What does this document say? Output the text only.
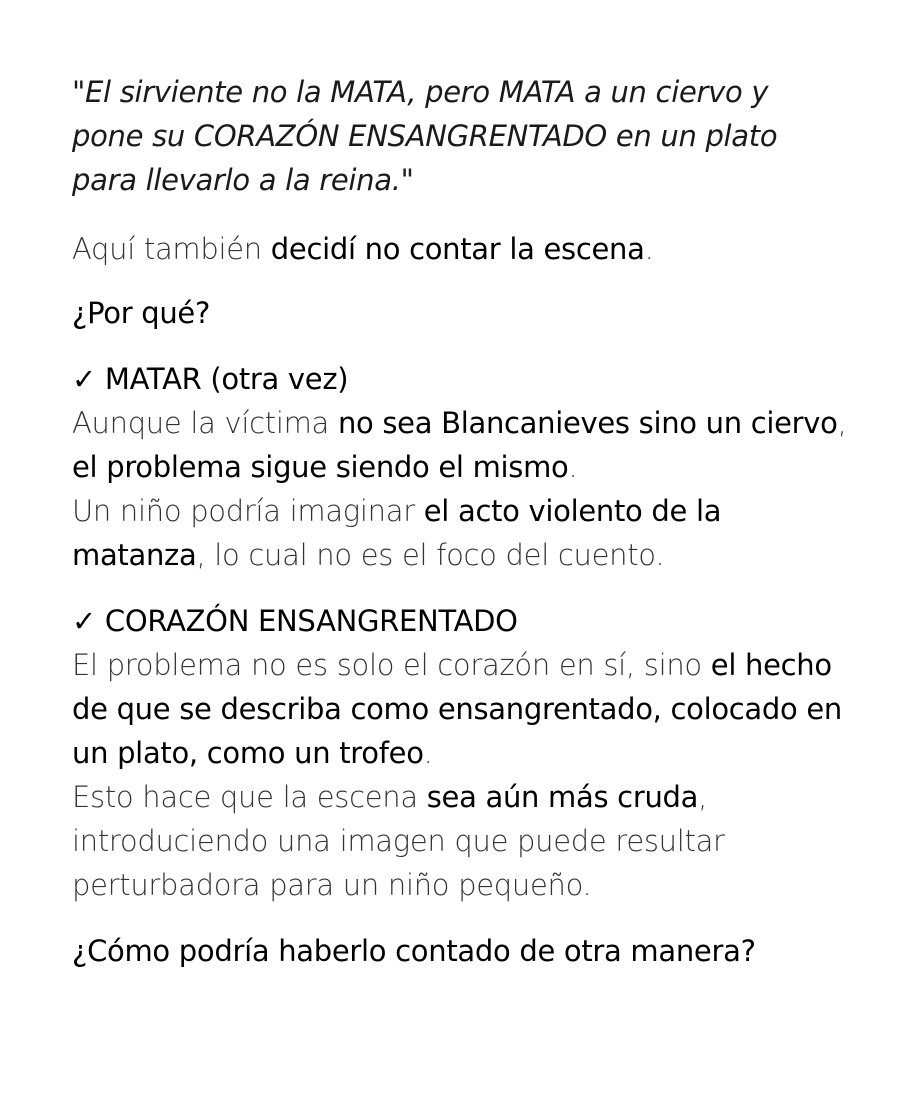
"El sirviente no la MATA, pero MATA a un ciervo y
pone su CORAZÓN ENSANGRENTADO en un plato
para llevarlo a la reina."
Aquí también decidí no contar la escena.
¿Por qué?
✓ MATAR (otra vez)
Aunque la víctima no sea Blancanieves sino un ciervo,
el problema sigue siendo el mismo.
Un niño podría imaginar el acto violento de la
matanza, lo cual no es el foco del cuento.
✓ CORAZÓN ENSANGRENTADO
El problema no es solo el corazón en sí, sino el hecho
de que se describa como ensangrentado, colocado en
un plato, como un trofeo.
Esto hace que la escena sea aún más cruda,
introduciendo una imagen que puede resultar
perturbadora para un niño pequeño.
¿Cómo podría haberlo contado de otra manera?
